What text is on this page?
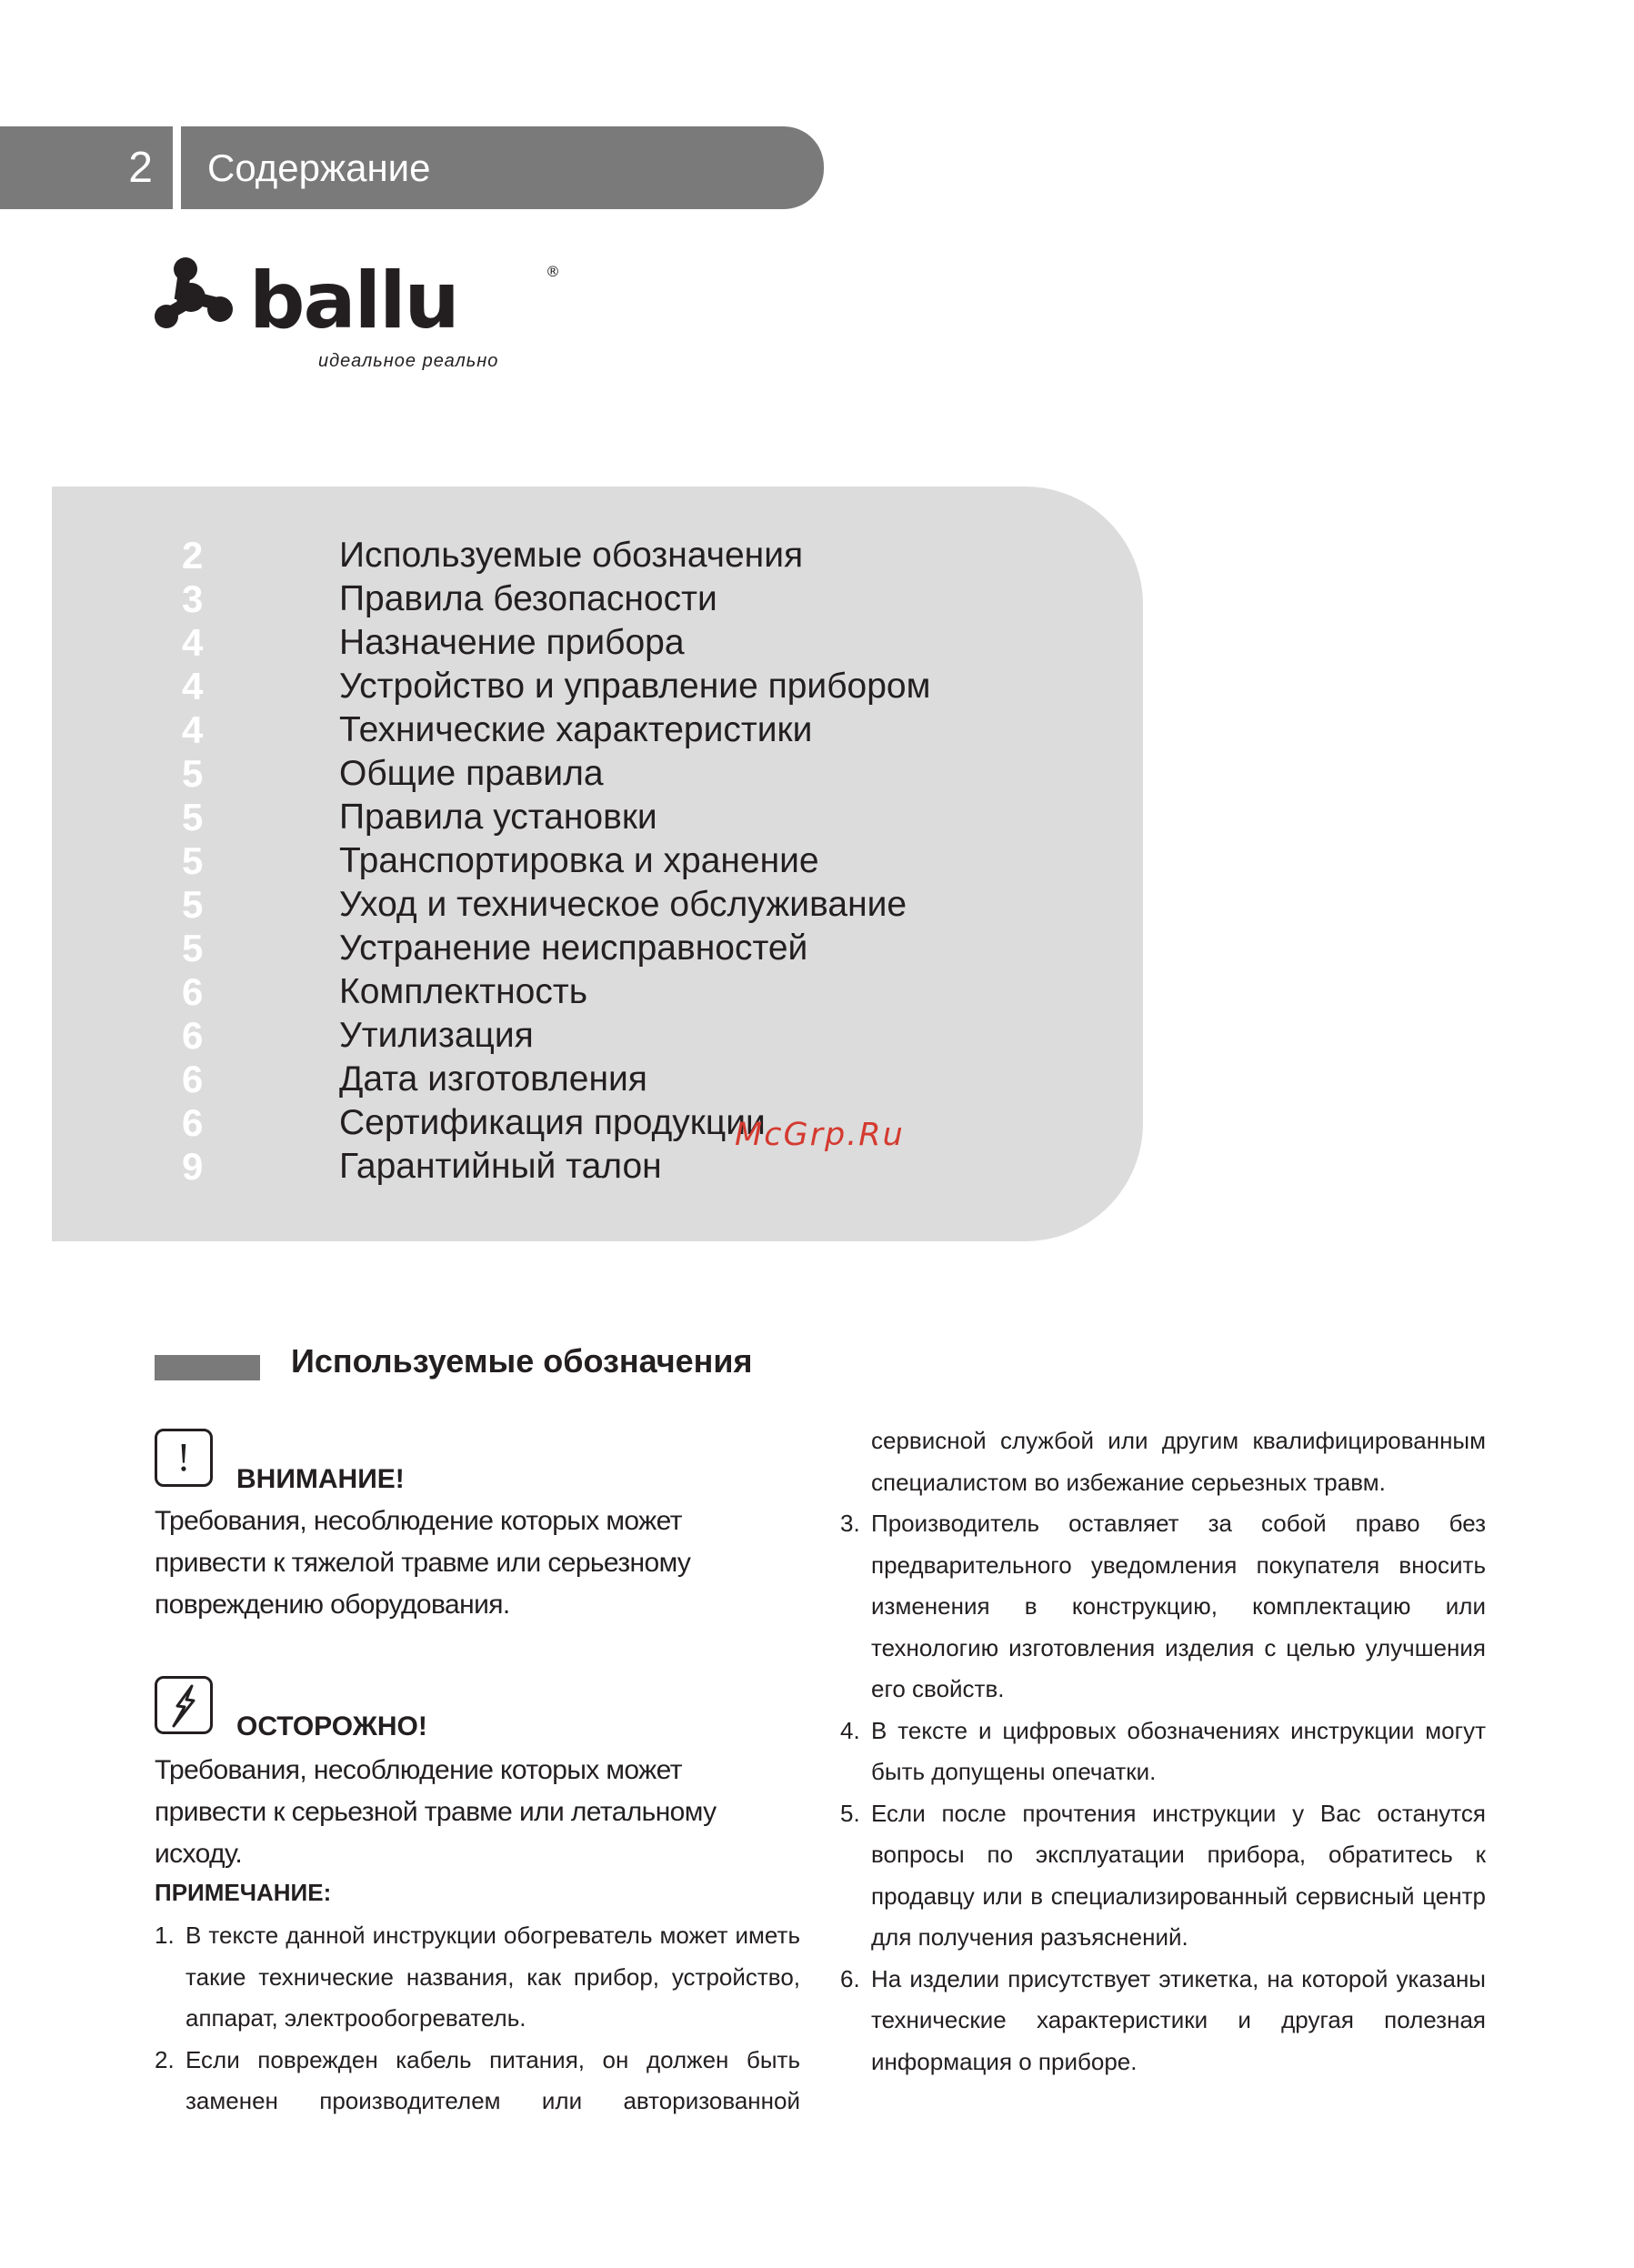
2	Содержание
ballu	®
идеальное реально
2	Используемые обозначения
3	Правила безопасности
4	Назначение прибора
4	Устройство и управление прибором
4	Технические характеристики
5	Общие правила
5	Правила установки
5	Транспортировка и хранение
5	Уход и техническое обслуживание
5	Устранение неисправностей
6	Комплектность
6	Утилизация
6	Дата изготовления
6	Сертификация продукции
9	Гарантийный талон
McGrp.Ru
Используемые обозначения
!	ВНИМАНИЕ!
Требования, несоблюдение которых может привести к тяжелой травме или серьезному повреждению оборудования.
ОСТОРОЖНО!
Требования, несоблюдение которых может привести к серьезной травме или летальному исходу.
ПРИМЕЧАНИЕ:
1. В тексте данной инструкции обогреватель может иметь такие технические названия, как прибор, устройство, аппарат, электрообогреватель.
2. Если поврежден кабель питания, он должен быть заменен производителем или авторизованной
сервисной службой или другим квалифицированным специалистом во избежание серьезных травм.
3. Производитель оставляет за собой право без предварительного уведомления покупателя вносить изменения в конструкцию, комплектацию или технологию изготовления изделия с целью улучшения его свойств.
4. В тексте и цифровых обозначениях инструкции могут быть допущены опечатки.
5. Если после прочтения инструкции у Вас останутся вопросы по эксплуатации прибора, обратитесь к продавцу или в специализированный сервисный центр для получения разъяснений.
6. На изделии присутствует этикетка, на которой указаны технические характеристики и другая полезная информация о приборе.
